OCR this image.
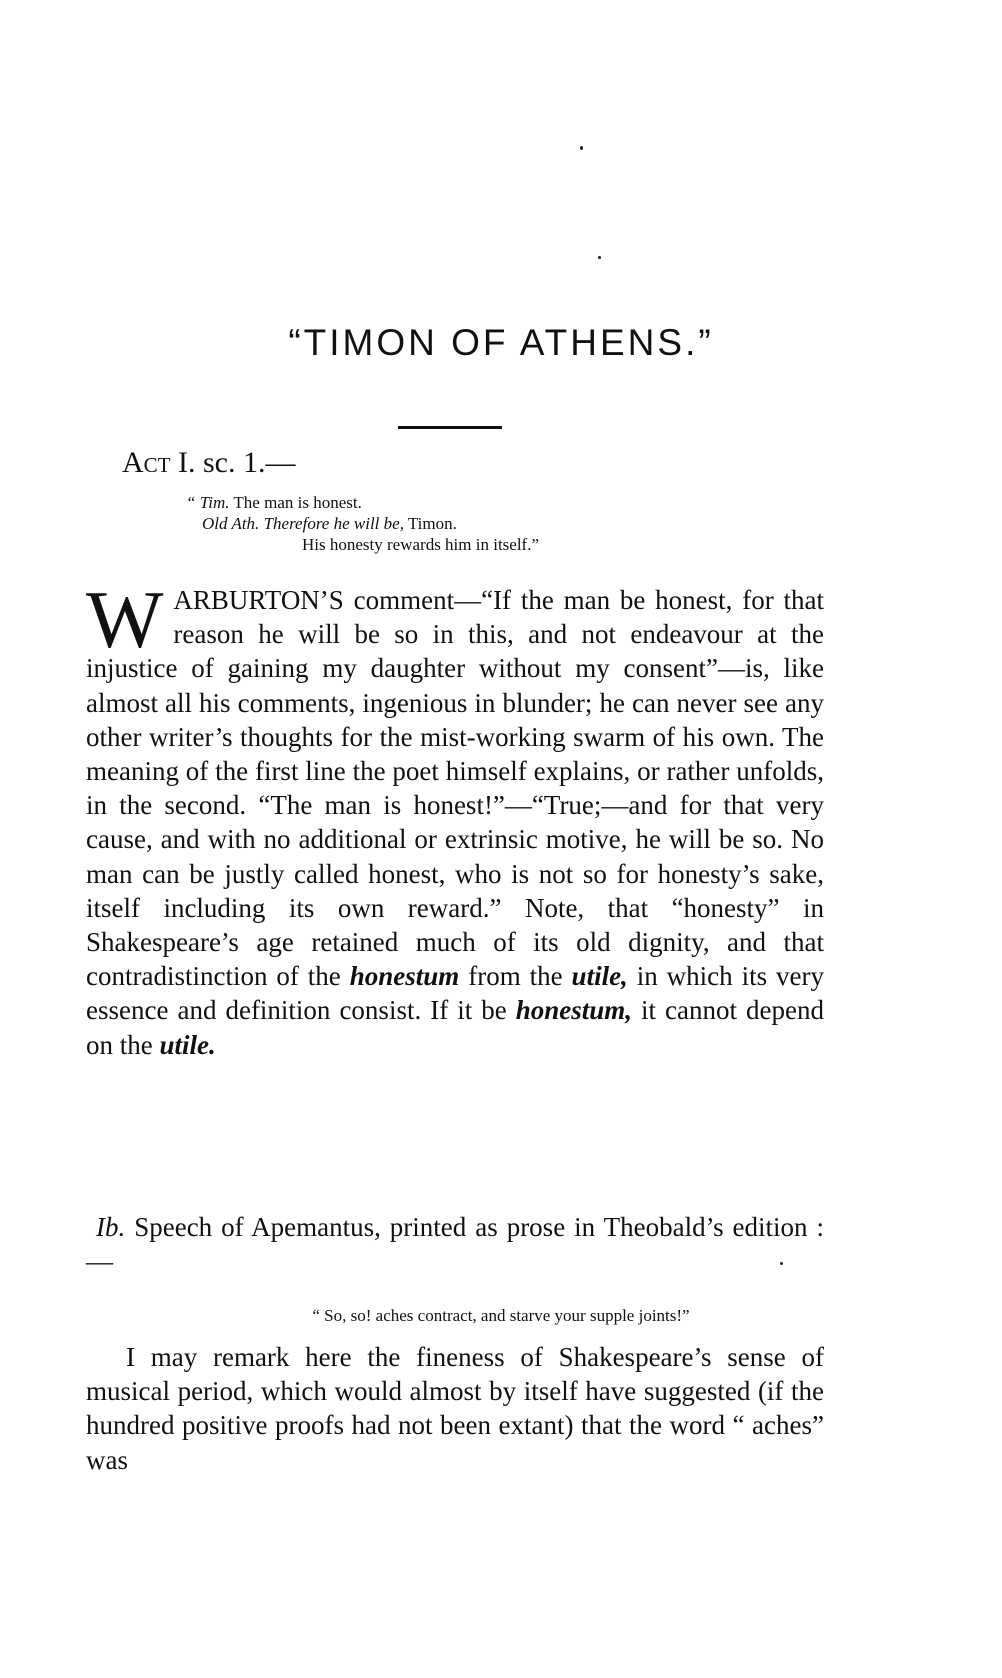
“TIMON OF ATHENS.”
Act I. sc. 1.—
“ Tim. The man is honest.
Old Ath. Therefore he will be, Timon.
His honesty rewards him in itself.”

WARBURTON’S comment—“If the man be honest, for that reason he will be so in this, and not endeavour at the injustice of gaining my daughter without my consent”—is, like almost all his comments, ingenious in blunder; he can never see any other writer’s thoughts for the mist-working swarm of his own. The meaning of the first line the poet himself explains, or rather unfolds, in the second. “The man is honest!”—“True;—and for that very cause, and with no additional or extrinsic motive, he will be so. No man can be justly called honest, who is not so for honesty’s sake, itself including its own reward.” Note, that “honesty” in Shakespeare’s age retained much of its old dignity, and that contradistinction of the honestum from the utile, in which its very essence and definition consist. If it be honestum, it cannot depend on the utile.

Ib. Speech of Apemantus, printed as prose in Theobald’s edition :—

“ So, so! aches contract, and starve your supple joints!”

I may remark here the fineness of Shakespeare’s sense of musical period, which would almost by itself have suggested (if the hundred positive proofs had not been extant) that the word “ aches” was
